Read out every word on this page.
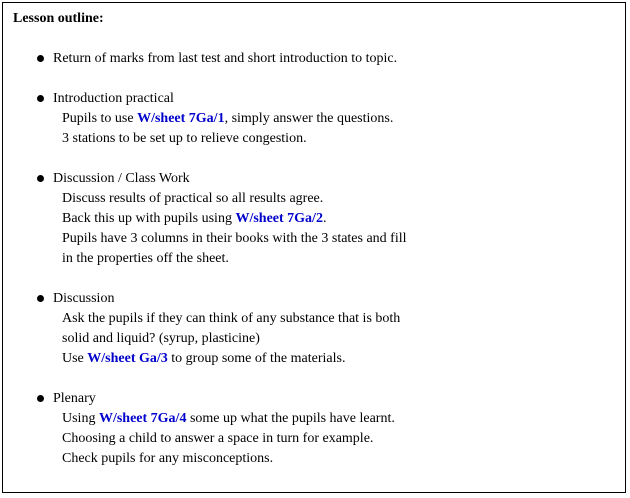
Lesson outline:
Return of marks from last test and short introduction to topic.
Introduction practical
Pupils to use W/sheet 7Ga/1, simply answer the questions.
3 stations to be set up to relieve congestion.
Discussion / Class Work
Discuss results of practical so all results agree.
Back this up with pupils using W/sheet 7Ga/2.
Pupils have 3 columns in their books with the 3 states and fill
in the properties off the sheet.
Discussion
Ask the pupils if they can think of any substance that is both
solid and liquid? (syrup, plasticine)
Use W/sheet Ga/3 to group some of the materials.
Plenary
Using W/sheet 7Ga/4 some up what the pupils have learnt.
Choosing a child to answer a space in turn for example.
Check pupils for any misconceptions.
